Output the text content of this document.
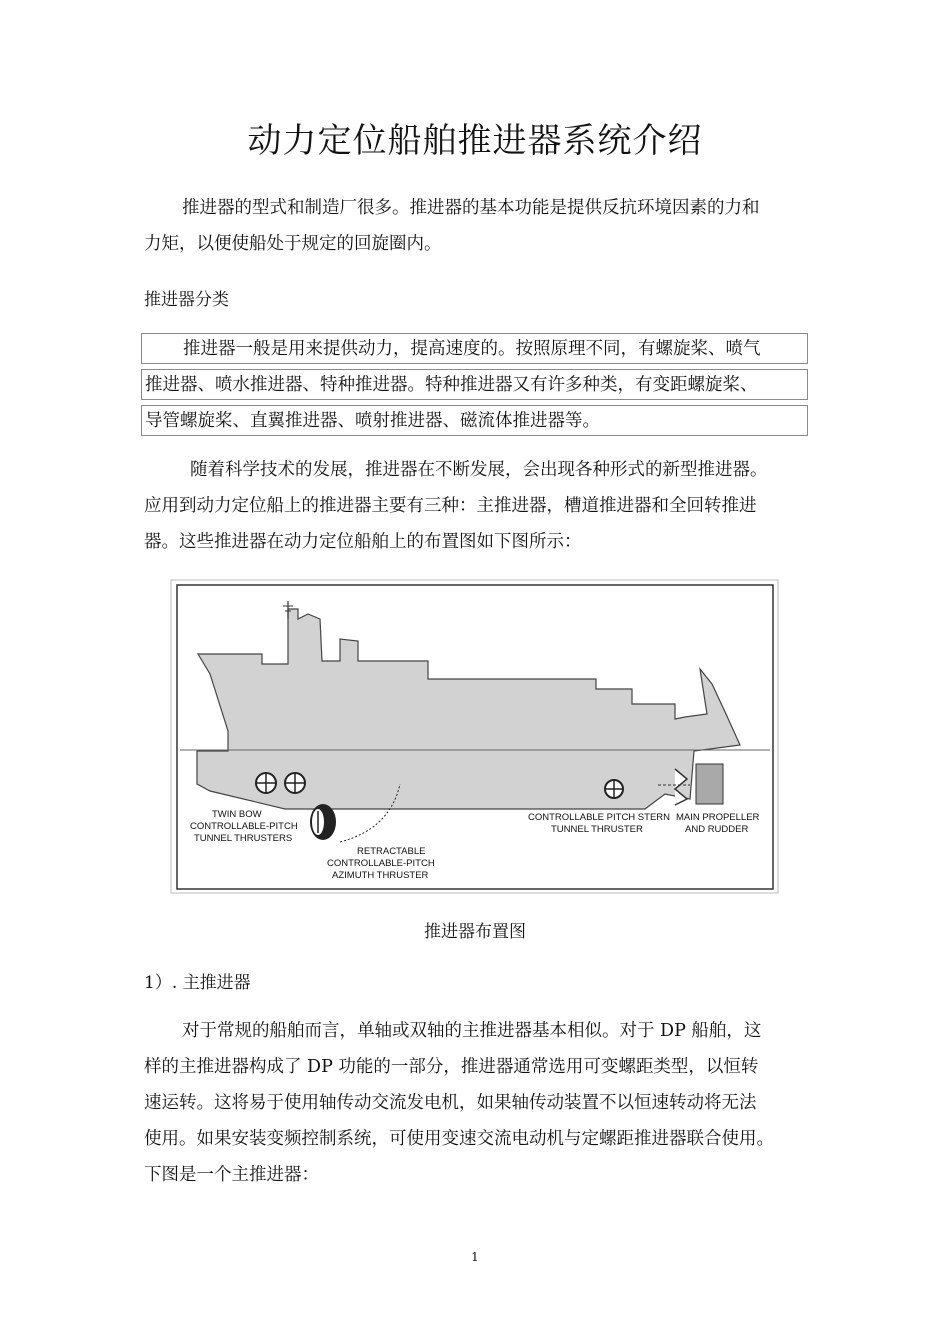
动力定位船舶推进器系统介绍
推进器的型式和制造厂很多。推进器的基本功能是提供反抗环境因素的力和
力矩，以便使船处于规定的回旋圈内。
推进器分类
推进器一般是用来提供动力，提高速度的。按照原理不同，有螺旋桨、喷气
推进器、喷水推进器、特种推进器。特种推进器又有许多种类，有变距螺旋桨、
导管螺旋桨、直翼推进器、喷射推进器、磁流体推进器等。
随着科学技术的发展，推进器在不断发展，会出现各种形式的新型推进器。
应用到动力定位船上的推进器主要有三种：主推进器，槽道推进器和全回转推进
器。这些推进器在动力定位船舶上的布置图如下图所示：
TWIN BOW
CONTROLLABLE-PITCH
TUNNEL THRUSTERS
RETRACTABLE
CONTROLLABLE-PITCH
AZIMUTH THRUSTER
CONTROLLABLE PITCH STERN
TUNNEL THRUSTER
MAIN PROPELLER
AND RUDDER
推进器布置图
1）. 主推进器
对于常规的船舶而言，单轴或双轴的主推进器基本相似。对于 DP 船舶，这
样的主推进器构成了 DP 功能的一部分，推进器通常选用可变螺距类型，以恒转
速运转。这将易于使用轴传动交流发电机，如果轴传动装置不以恒速转动将无法
使用。如果安装变频控制系统，可使用变速交流电动机与定螺距推进器联合使用。
下图是一个主推进器：
1
